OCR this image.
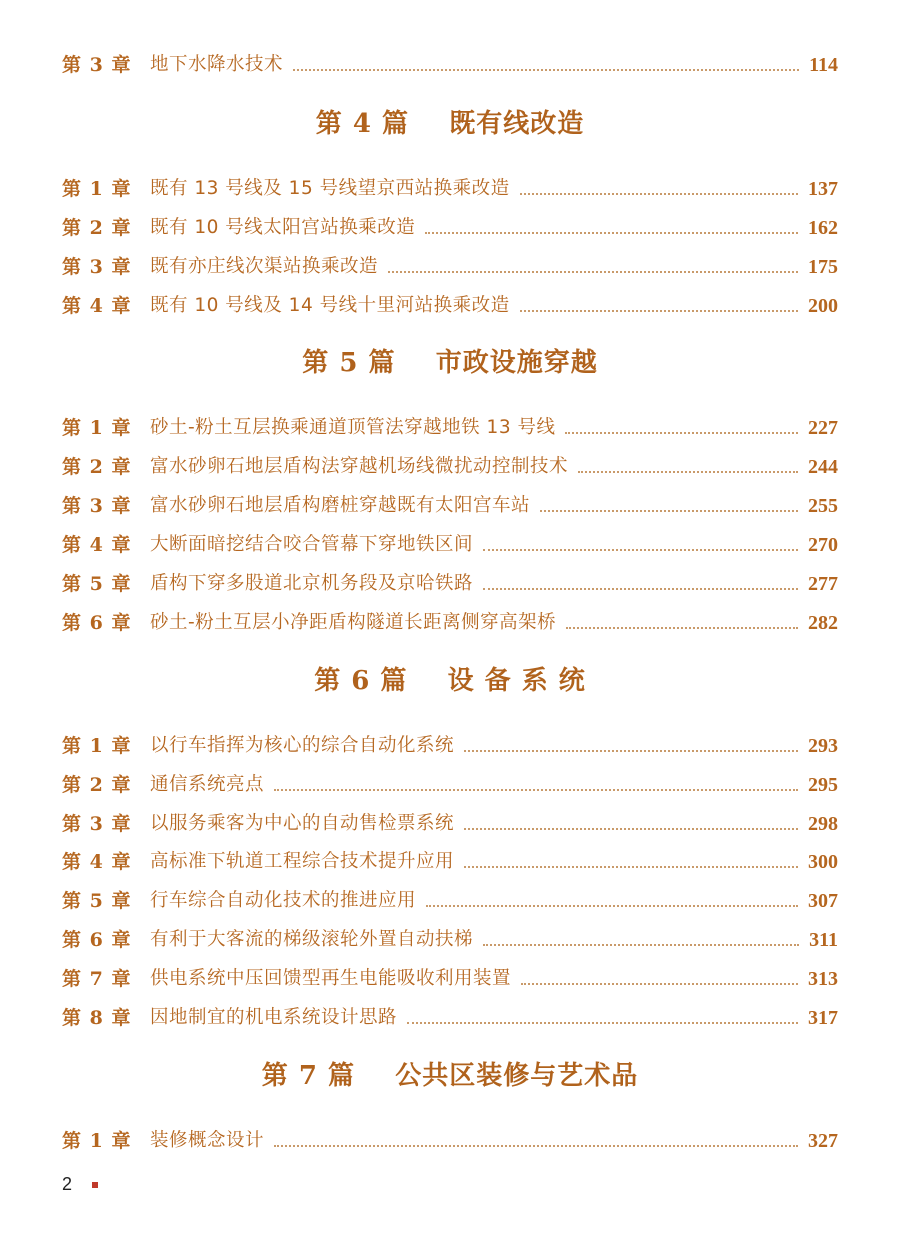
第 3 章	地下水降水技术	114
第 4 篇 既有线改造
第 1 章	既有 13 号线及 15 号线望京西站换乘改造	137
第 2 章	既有 10 号线太阳宫站换乘改造	162
第 3 章	既有亦庄线次渠站换乘改造	175
第 4 章	既有 10 号线及 14 号线十里河站换乘改造	200
第 5 篇 市政设施穿越
第 1 章	砂土-粉土互层换乘通道顶管法穿越地铁 13 号线	227
第 2 章	富水砂卵石地层盾构法穿越机场线微扰动控制技术	244
第 3 章	富水砂卵石地层盾构磨桩穿越既有太阳宫车站	255
第 4 章	大断面暗挖结合咬合管幕下穿地铁区间	270
第 5 章	盾构下穿多股道北京机务段及京哈铁路	277
第 6 章	砂土-粉土互层小净距盾构隧道长距离侧穿高架桥	282
第 6 篇 设 备 系 统
第 1 章	以行车指挥为核心的综合自动化系统	293
第 2 章	通信系统亮点	295
第 3 章	以服务乘客为中心的自动售检票系统	298
第 4 章	高标准下轨道工程综合技术提升应用	300
第 5 章	行车综合自动化技术的推进应用	307
第 6 章	有利于大客流的梯级滚轮外置自动扶梯	311
第 7 章	供电系统中压回馈型再生电能吸收利用装置	313
第 8 章	因地制宜的机电系统设计思路	317
第 7 篇 公共区装修与艺术品
第 1 章	装修概念设计	327
2
